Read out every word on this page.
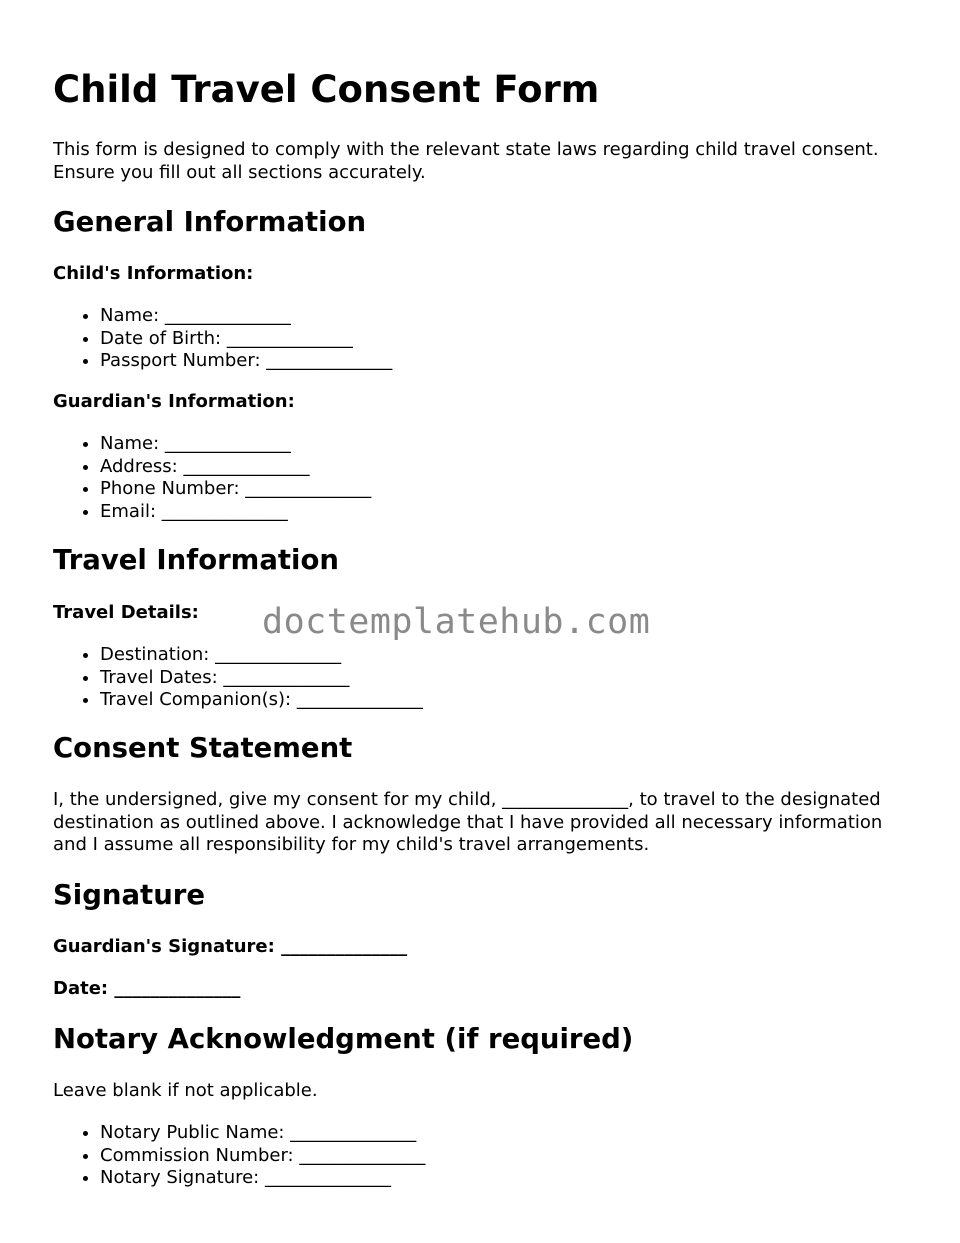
Child Travel Consent Form

This form is designed to comply with the relevant state laws regarding child travel consent. Ensure you fill out all sections accurately.

General Information

Child's Information:

• Name: ______________
• Date of Birth: ______________
• Passport Number: ______________

Guardian's Information:

• Name: ______________
• Address: ______________
• Phone Number: ______________
• Email: ______________
Travel Information

Travel Details:

• Destination: ______________
• Travel Dates: ______________
• Travel Companion(s): ______________
Consent Statement

I, the undersigned, give my consent for my child, ______________, to travel to the designated destination as outlined above. I acknowledge that I have provided all necessary information and I assume all responsibility for my child's travel arrangements.

Signature

Guardian's Signature: ______________

Date: ______________

Notary Acknowledgment (if required)

Leave blank if not applicable.

• Notary Public Name: ______________
• Commission Number: ______________
• Notary Signature: ______________
doctemplatehub.com
